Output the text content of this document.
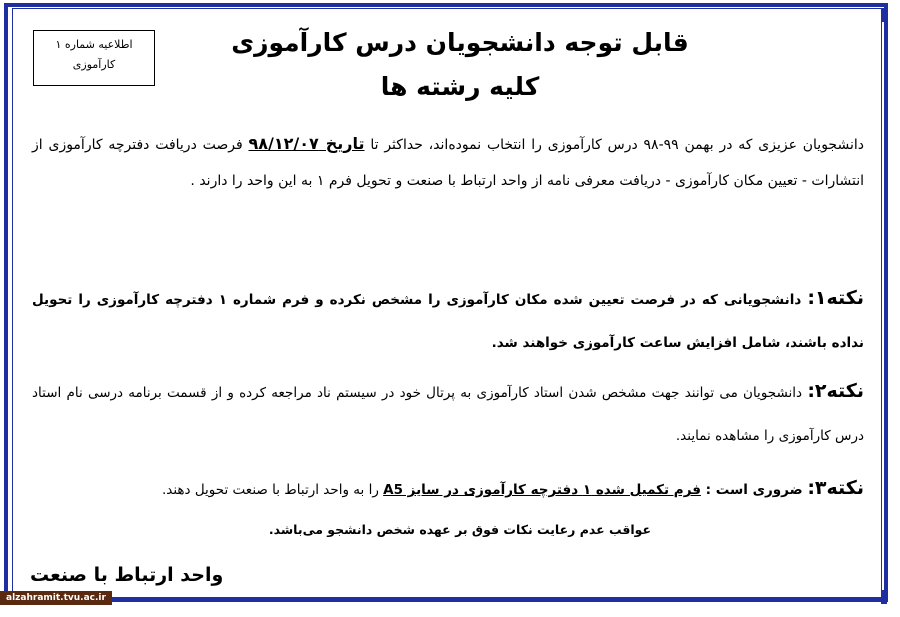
اطلاعیه شماره ۱
کارآموزی
قابل توجه دانشجویان درس کارآموزی
کلیه رشته ها
دانشجویان عزیزی که در بهمن ۹۹-۹۸ درس کارآموزی را انتخاب نموده‌اند، حداکثر تا تاریخ ۹۸/۱۲/۰۷ فرصت دریافت دفترچه کارآموزی از انتشارات - تعیین مکان کارآموزی - دریافت معرفی نامه از واحد ارتباط با صنعت و تحویل فرم ۱ به این واحد را دارند .
نکته۱: دانشجویانی که در فرصت تعیین شده مکان کارآموزی را مشخص نکرده و فرم شماره ۱ دفترچه کارآموزی را تحویل نداده باشند، شامل افزایش ساعت کارآموزی خواهند شد.
نکته۲: دانشجویان می توانند جهت مشخص شدن استاد کارآموزی به پرتال خود در سیستم ناد مراجعه کرده و از قسمت برنامه درسی نام استاد درس کارآموزی را مشاهده نمایند.
نکته۳: ضروری است : فرم تکمیل شده ۱ دفترچه کارآموزی در سایز A5 را به واحد ارتباط با صنعت تحویل دهند.
عواقب عدم رعایت نکات فوق بر عهده شخص دانشجو می‌باشد.
واحد ارتباط با صنعت
alzahramit.tvu.ac.ir
